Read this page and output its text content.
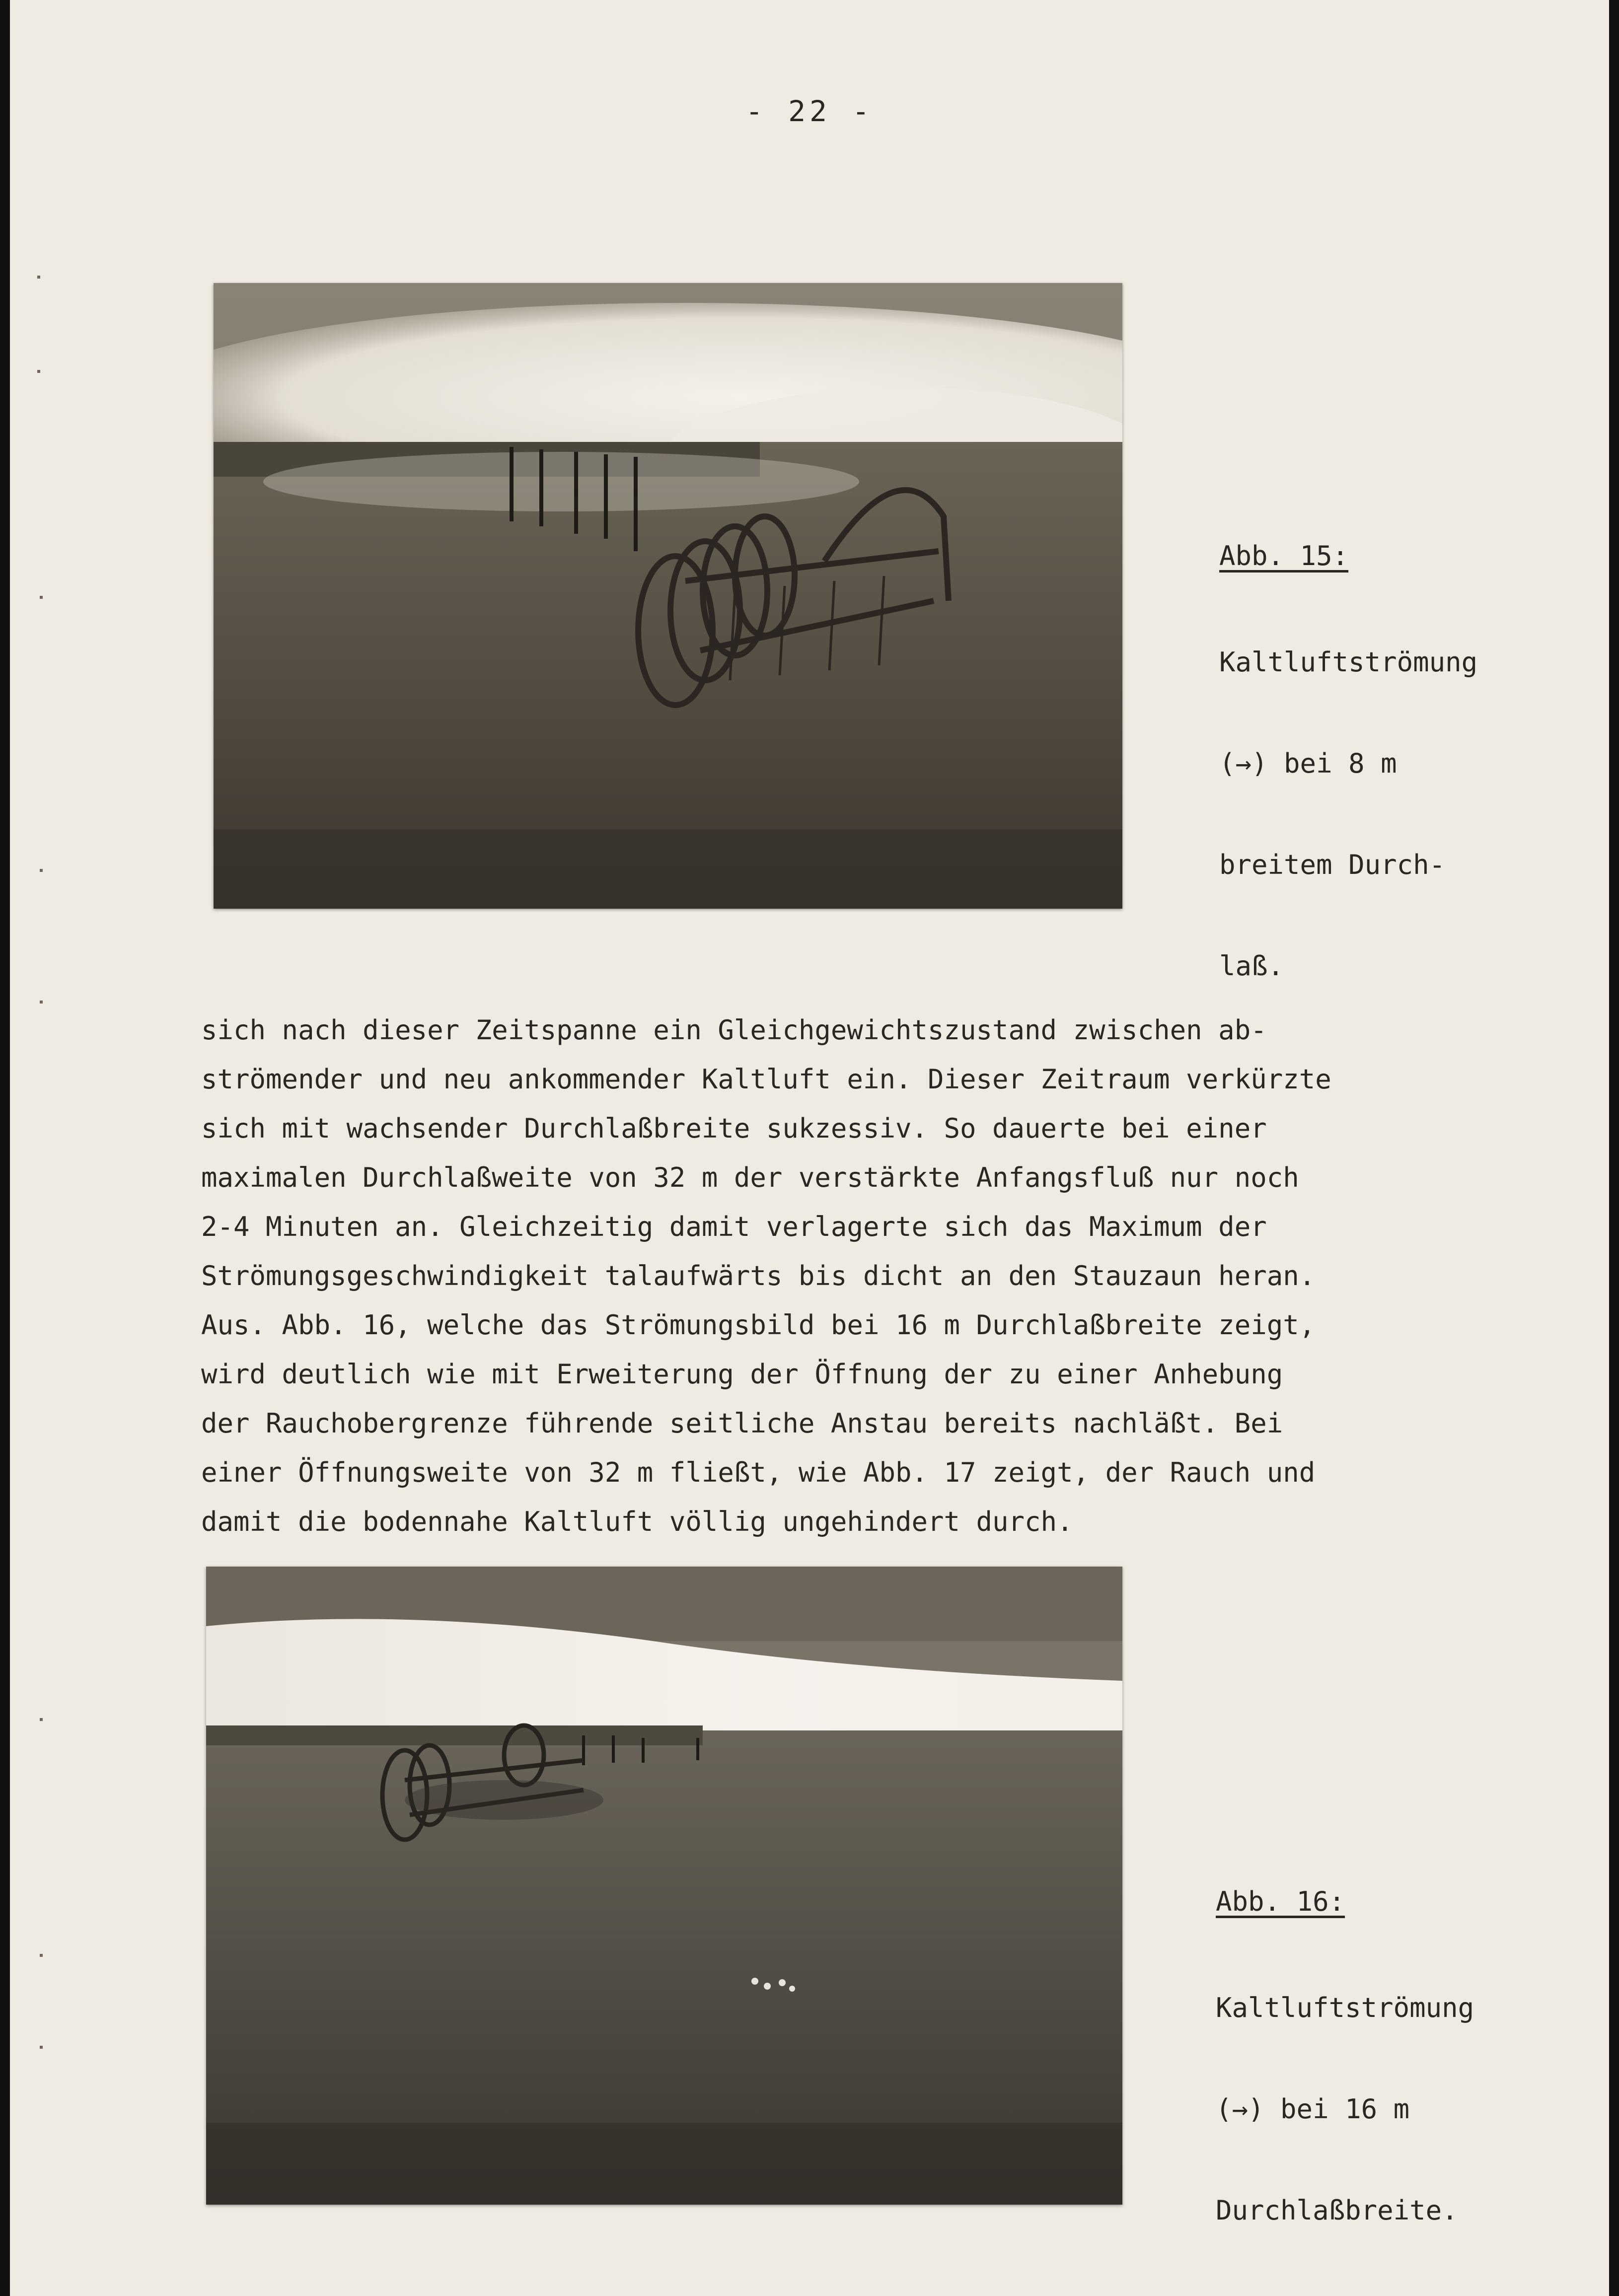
- 22 -

Abb. 15:

Kaltluftströmung

(→) bei 8 m

breitem Durch-

laß.

sich nach dieser Zeitspanne ein Gleichgewichtszustand zwischen ab-
strömender und neu ankommender Kaltluft ein. Dieser Zeitraum verkürzte
sich mit wachsender Durchlaßbreite sukzessiv. So dauerte bei einer
maximalen Durchlaßweite von 32 m der verstärkte Anfangsfluß nur noch
2-4 Minuten an. Gleichzeitig damit verlagerte sich das Maximum der
Strömungsgeschwindigkeit talaufwärts bis dicht an den Stauzaun heran.
Aus. Abb. 16, welche das Strömungsbild bei 16 m Durchlaßbreite zeigt,
wird deutlich wie mit Erweiterung der Öffnung der zu einer Anhebung
der Rauchobergrenze führende seitliche Anstau bereits nachläßt. Bei
einer Öffnungsweite von 32 m fließt, wie Abb. 17 zeigt, der Rauch und
damit die bodennahe Kaltluft völlig ungehindert durch.

Abb. 16:

Kaltluftströmung

(→) bei 16 m

Durchlaßbreite.
